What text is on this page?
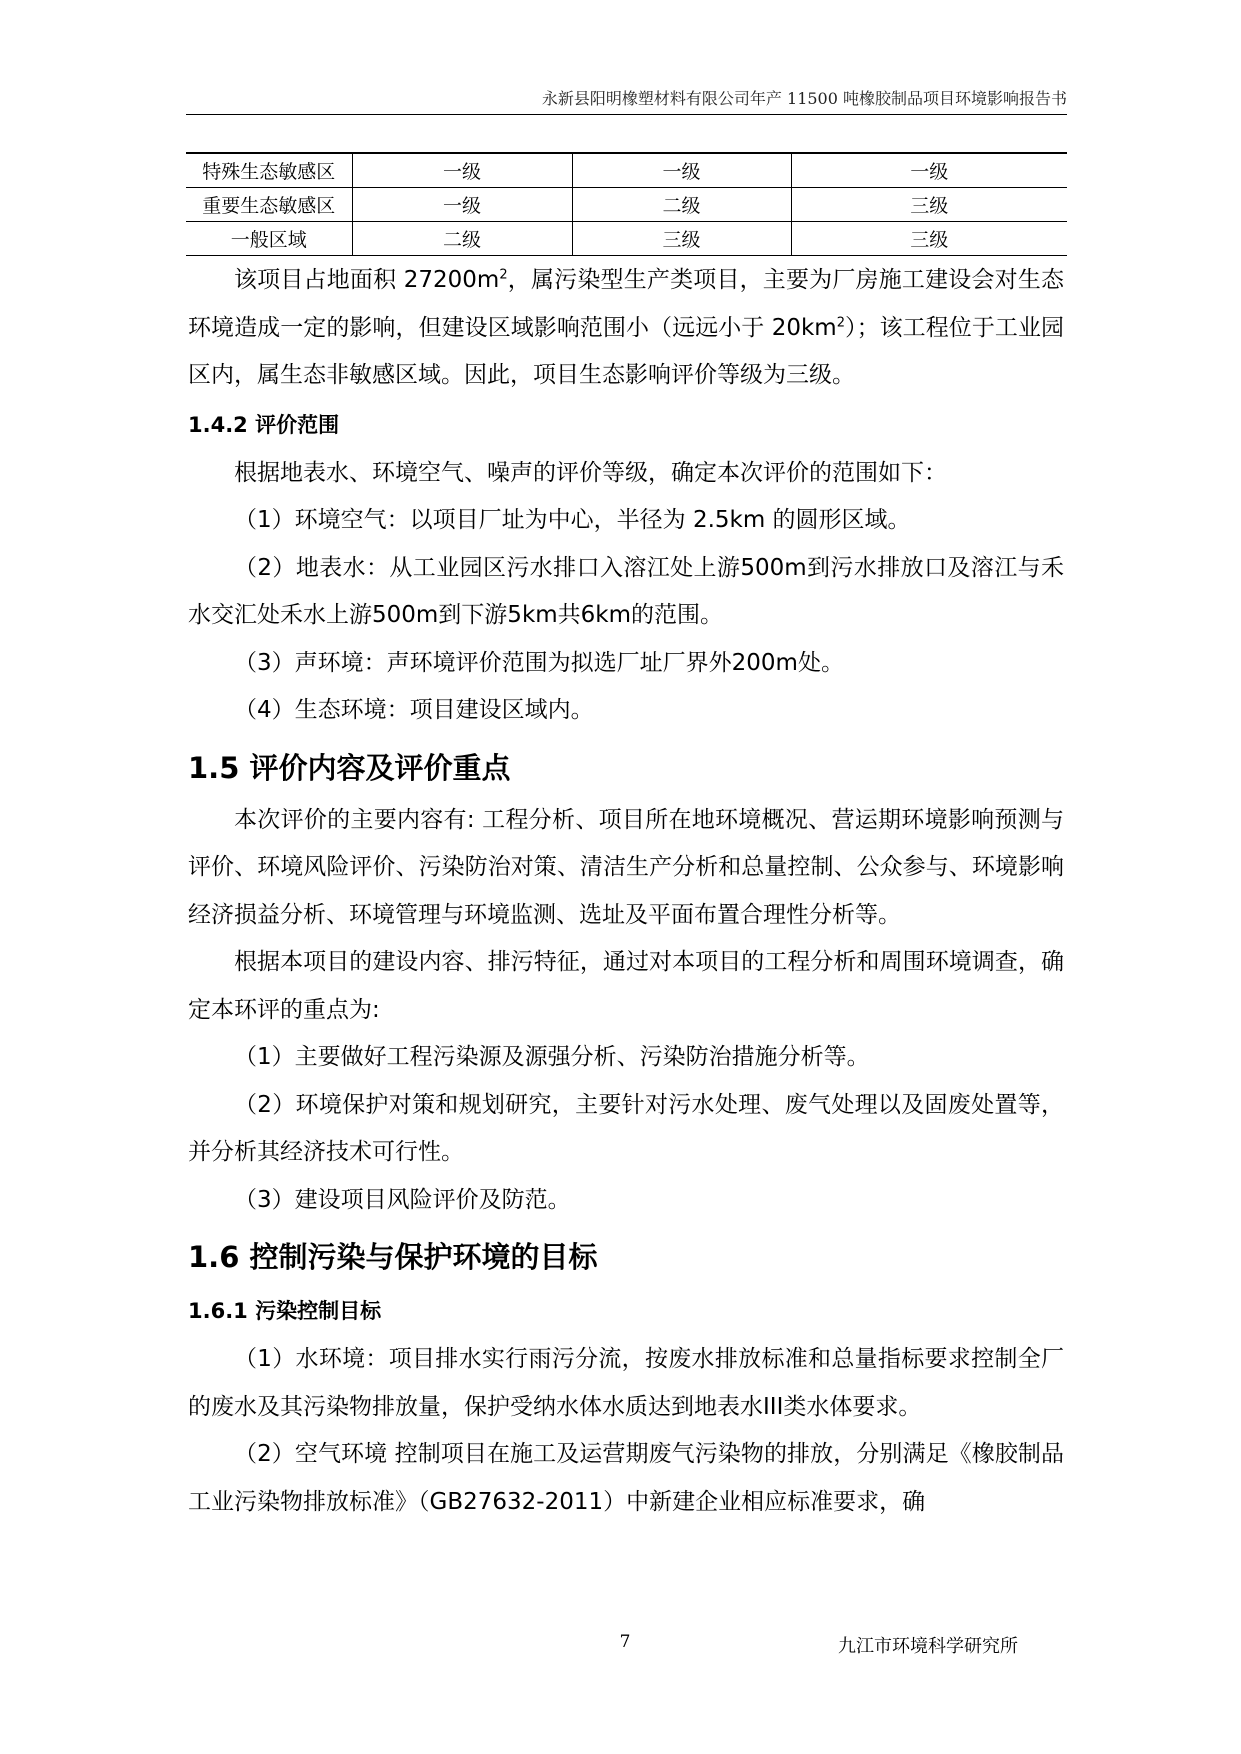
永新县阳明橡塑材料有限公司年产 11500 吨橡胶制品项目环境影响报告书
特殊生态敏感区	一级	一级	一级
重要生态敏感区	一级	二级	三级
一般区域	二级	三级	三级

该项目占地面积 $27200m^2$，属污染型生产类项目，主要为厂房施工建设会对生态环境造成一定的影响，但建设区域影响范围小（远远小于 $20km^2$）；该工程位于工业园区内，属生态非敏感区域。因此，项目生态影响评价等级为三级。

1.4.2 评价范围

根据地表水、环境空气、噪声的评价等级，确定本次评价的范围如下：

（1）环境空气：以项目厂址为中心，半径为 2.5km 的圆形区域。

（2）地表水：从工业园区污水排口入溶江处上游500m到污水排放口及溶江与禾水交汇处禾水上游500m到下游5km共6km的范围。

（3）声环境：声环境评价范围为拟选厂址厂界外200m处。

（4）生态环境：项目建设区域内。

1.5 评价内容及评价重点

本次评价的主要内容有: 工程分析、项目所在地环境概况、营运期环境影响预测与评价、环境风险评价、污染防治对策、清洁生产分析和总量控制、公众参与、环境影响经济损益分析、环境管理与环境监测、选址及平面布置合理性分析等。

根据本项目的建设内容、排污特征，通过对本项目的工程分析和周围环境调查，确定本环评的重点为:

（1）主要做好工程污染源及源强分析、污染防治措施分析等。

（2）环境保护对策和规划研究，主要针对污水处理、废气处理以及固废处置等，并分析其经济技术可行性。

（3）建设项目风险评价及防范。

1.6 控制污染与保护环境的目标

1.6.1 污染控制目标

（1）水环境：项目排水实行雨污分流，按废水排放标准和总量指标要求控制全厂的废水及其污染物排放量，保护受纳水体水质达到地表水III类水体要求。

（2）空气环境 控制项目在施工及运营期废气污染物的排放，分别满足《橡胶制品工业污染物排放标准》（GB27632-2011）中新建企业相应标准要求，确

7	九江市环境科学研究所
